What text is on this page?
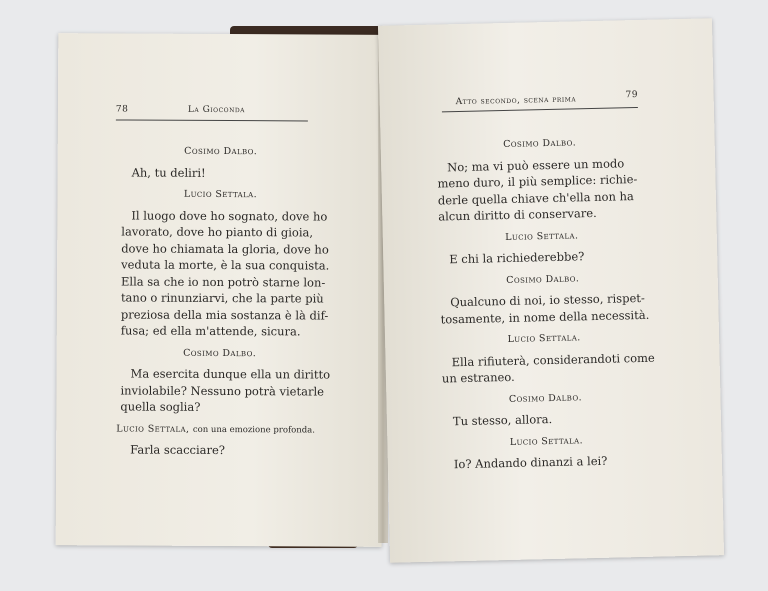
78	La Gioconda
Cosimo Dalbo.
Ah, tu deliri!
Lucio Settala.
Il luogo dove ho sognato, dove ho
lavorato, dove ho pianto di gioia,
dove ho chiamata la gloria, dove ho
veduta la morte, è la sua conquista.
Ella sa che io non potrò starne lon-
tano o rinunziarvi, che la parte più
preziosa della mia sostanza è là dif-
fusa; ed ella m'attende, sicura.
Cosimo Dalbo.
Ma esercita dunque ella un diritto
inviolabile? Nessuno potrà vietarle
quella soglia?
Lucio Settala, con una emozione profonda.
Farla scacciare?
Atto secondo, scena prima	79
Cosimo Dalbo.
No; ma vi può essere un modo
meno duro, il più semplice: richie-
derle quella chiave ch'ella non ha
alcun diritto di conservare.
Lucio Settala.
E chi la richiederebbe?
Cosimo Dalbo.
Qualcuno di noi, io stesso, rispet-
tosamente, in nome della necessità.
Lucio Settala.
Ella rifiuterà, considerandoti come
un estraneo.
Cosimo Dalbo.
Tu stesso, allora.
Lucio Settala.
Io? Andando dinanzi a lei?
